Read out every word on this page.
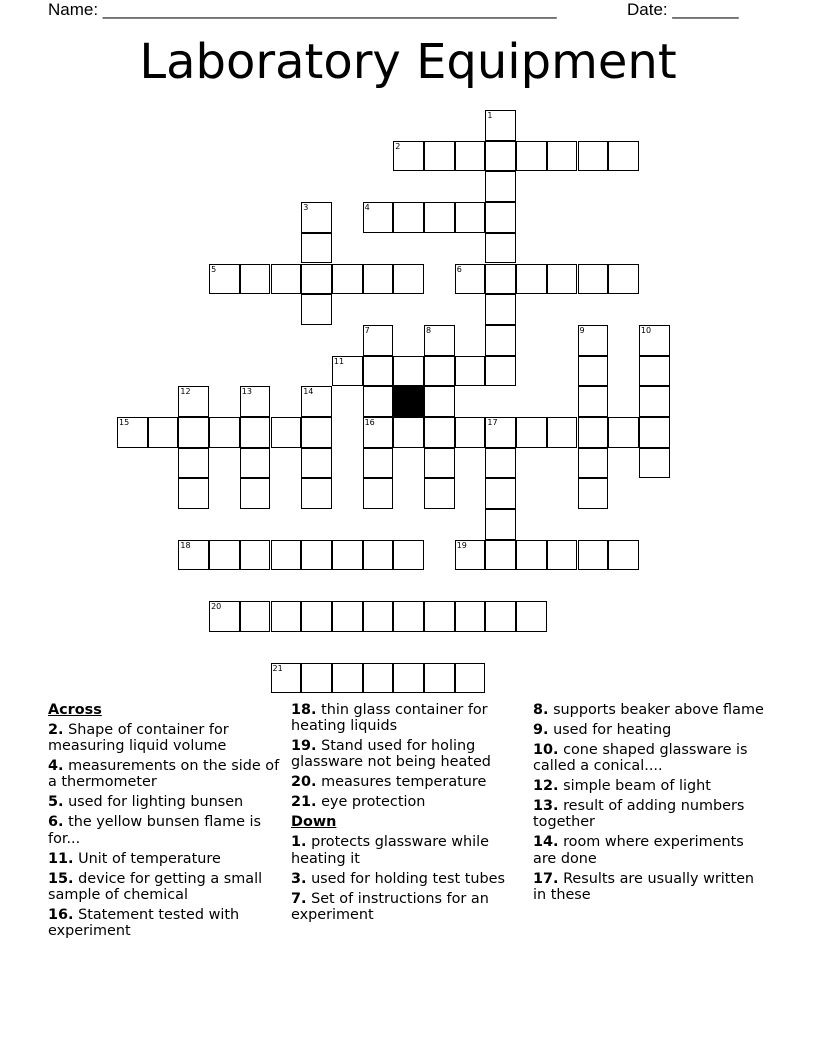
Name: ________________________________________________	Date: _______
Laboratory Equipment
1
2
3	4
5	6
7
16
8	9	10
11
12	13	14
15	17
18	19
20
21
Across
2. Shape of container for measuring liquid volume
4. measurements on the side of a thermometer
5. used for lighting bunsen
6. the yellow bunsen flame is for...
11. Unit of temperature
15. device for getting a small sample of chemical
16. Statement tested with experiment
18. thin glass container for heating liquids
19. Stand used for holing glassware not being heated
20. measures temperature
21. eye protection
Down
1. protects glassware while heating it
3. used for holding test tubes
7. Set of instructions for an experiment
8. supports beaker above flame
9. used for heating
10. cone shaped glassware is called a conical....
12. simple beam of light
13. result of adding numbers together
14. room where experiments are done
17. Results are usually written in these
